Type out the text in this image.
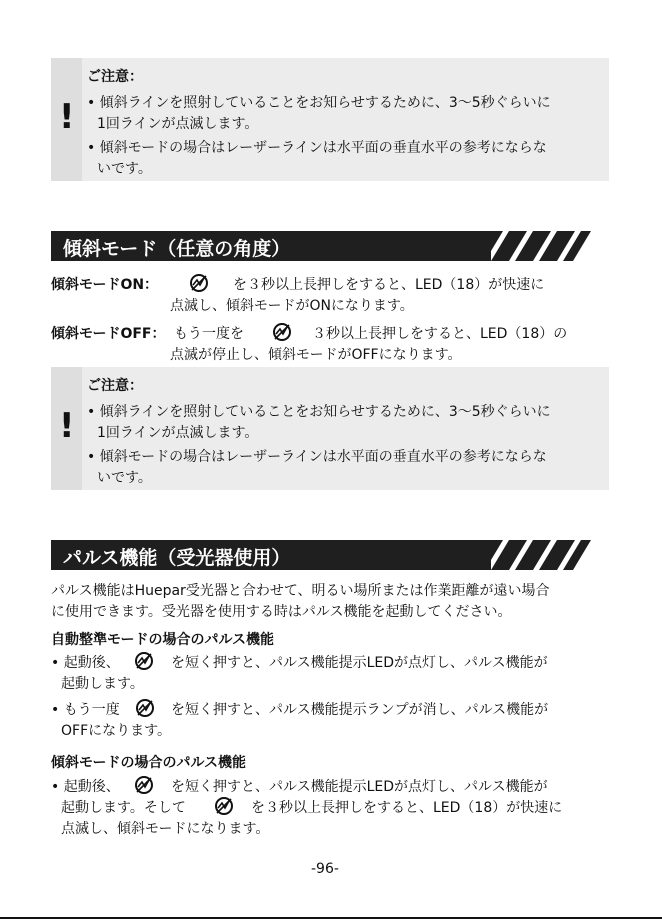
!
ご注意：
• 傾斜ラインを照射していることをお知らせするために、3～5秒ぐらいに
1回ラインが点滅します。
• 傾斜モードの場合はレーザーラインは水平面の垂直水平の参考にならな
いです。
傾斜モード（任意の角度）
傾斜モードON：	を３秒以上長押しをすると、LED（18）が快速に
点滅し、傾斜モードがONになります。
傾斜モードOFF： もう一度を	３秒以上長押しをすると、LED（18）の
点滅が停止し、傾斜モードがOFFになります。
!
ご注意：
• 傾斜ラインを照射していることをお知らせするために、3～5秒ぐらいに
1回ラインが点滅します。
• 傾斜モードの場合はレーザーラインは水平面の垂直水平の参考にならな
いです。
パルス機能（受光器使用）
パルス機能はHuepar受光器と合わせて、明るい場所または作業距離が遠い場合
に使用できます。受光器を使用する時はパルス機能を起動してください。
自動整準モードの場合のパルス機能
• 起動後、	を短く押すと、パルス機能提示LEDが点灯し、パルス機能が
起動します。
• もう一度	を短く押すと、パルス機能提示ランプが消し、パルス機能が
OFFになります。
傾斜モードの場合のパルス機能
• 起動後、	を短く押すと、パルス機能提示LEDが点灯し、パルス機能が
起動します。そして	を３秒以上長押しをすると、LED（18）が快速に
点滅し、傾斜モードになります。
-96-
